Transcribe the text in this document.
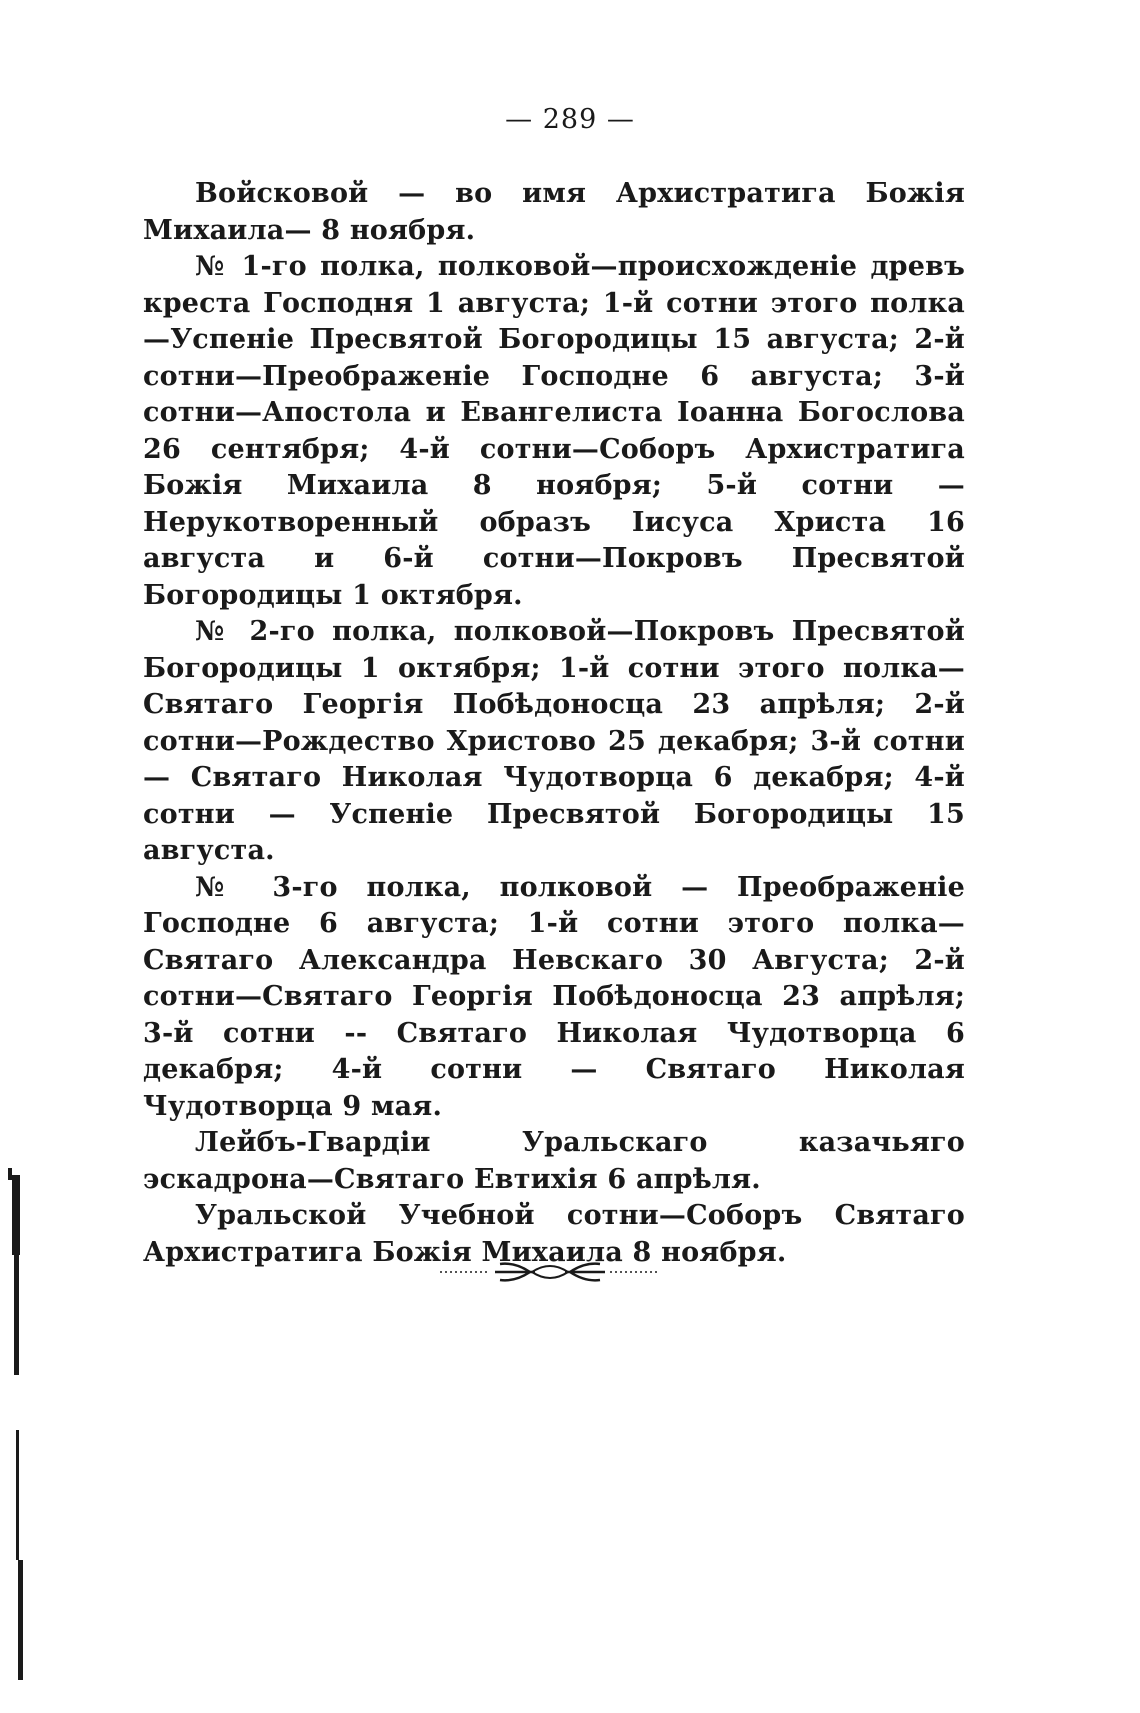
— 289 —

Войсковой — во имя Архистратига Божія Михаила— 8 ноября.

№ 1-го полка, полковой—происхожденіе древъ креста Господня 1 августа; 1-й сотни этого полка—Успеніе Пресвятой Богородицы 15 августа; 2-й сотни—Преображеніе Господне 6 августа; 3-й сотни—Апостола и Евангелиста Іоанна Богослова 26 сентября; 4-й сотни—Соборъ Архистратига Божія Михаила 8 ноября; 5-й сотни — Нерукотворенный образъ Іисуса Христа 16 августа и 6-й сотни—Покровъ Пресвятой Богородицы 1 октября.

№ 2-го полка, полковой—Покровъ Пресвятой Богородицы 1 октября; 1-й сотни этого полка—Святаго Георгія Побѣдоносца 23 апрѣля; 2-й сотни—Рождество Христово 25 декабря; 3-й сотни — Святаго Николая Чудотворца 6 декабря; 4-й сотни — Успеніе Пресвятой Богородицы 15 августа.

№ 3-го полка, полковой — Преображеніе Господне 6 августа; 1-й сотни этого полка—Святаго Александра Невскаго 30 Августа; 2-й сотни—Святаго Георгія Побѣдоносца 23 апрѣля; 3-й сотни -- Святаго Николая Чудотворца 6 декабря; 4-й сотни — Святаго Николая Чудотворца 9 мая.

Лейбъ-Гвардіи Уральскаго казачьяго эскадрона—Святаго Евтихія 6 апрѣля.

Уральской Учебной сотни—Соборъ Святаго Архистратига Божія Михаила 8 ноября.
